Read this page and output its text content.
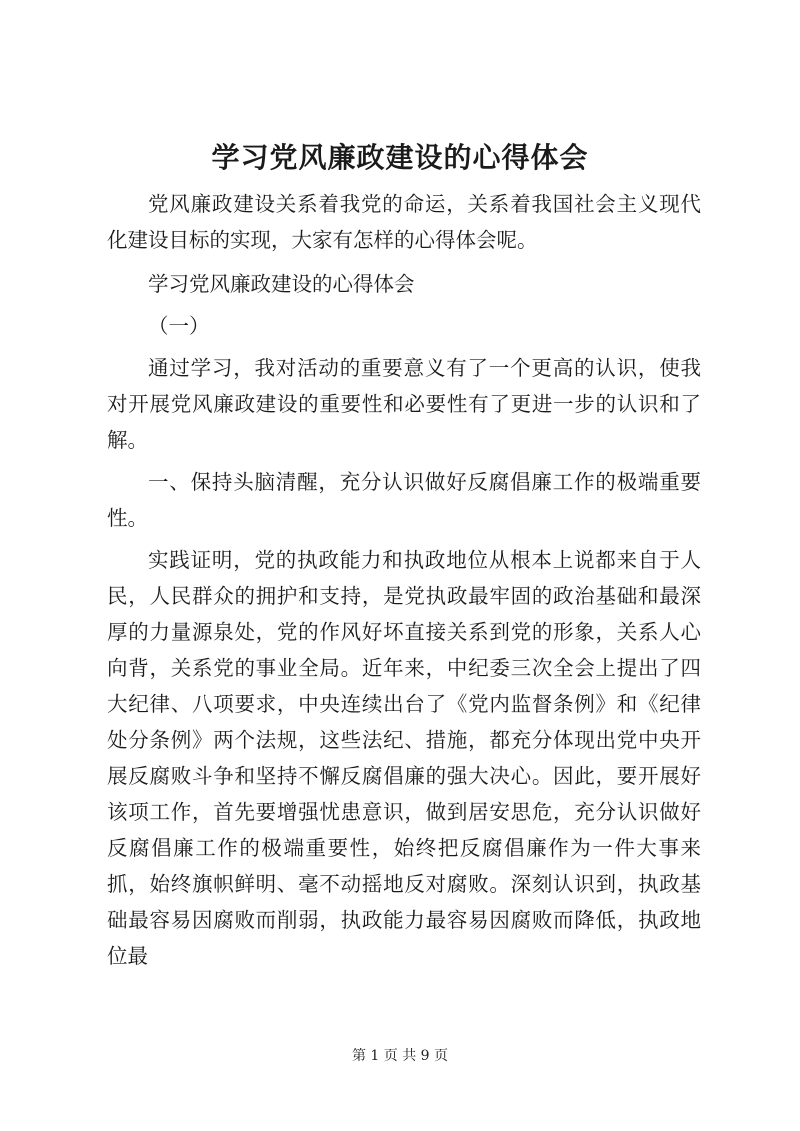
学习党风廉政建设的心得体会

党风廉政建设关系着我党的命运，关系着我国社会主义现代化建设目标的实现，大家有怎样的心得体会呢。

学习党风廉政建设的心得体会

（一）

通过学习，我对活动的重要意义有了一个更高的认识，使我对开展党风廉政建设的重要性和必要性有了更进一步的认识和了解。

一、保持头脑清醒，充分认识做好反腐倡廉工作的极端重要性。

实践证明，党的执政能力和执政地位从根本上说都来自于人民，人民群众的拥护和支持，是党执政最牢固的政治基础和最深厚的力量源泉处，党的作风好坏直接关系到党的形象，关系人心向背，关系党的事业全局。近年来，中纪委三次全会上提出了四大纪律、八项要求，中央连续出台了《党内监督条例》和《纪律处分条例》两个法规，这些法纪、措施，都充分体现出党中央开展反腐败斗争和坚持不懈反腐倡廉的强大决心。因此，要开展好该项工作，首先要增强忧患意识，做到居安思危，充分认识做好反腐倡廉工作的极端重要性，始终把反腐倡廉作为一件大事来抓，始终旗帜鲜明、毫不动摇地反对腐败。深刻认识到，执政基础最容易因腐败而削弱，执政能力最容易因腐败而降低，执政地位最

第 1 页 共 9 页
